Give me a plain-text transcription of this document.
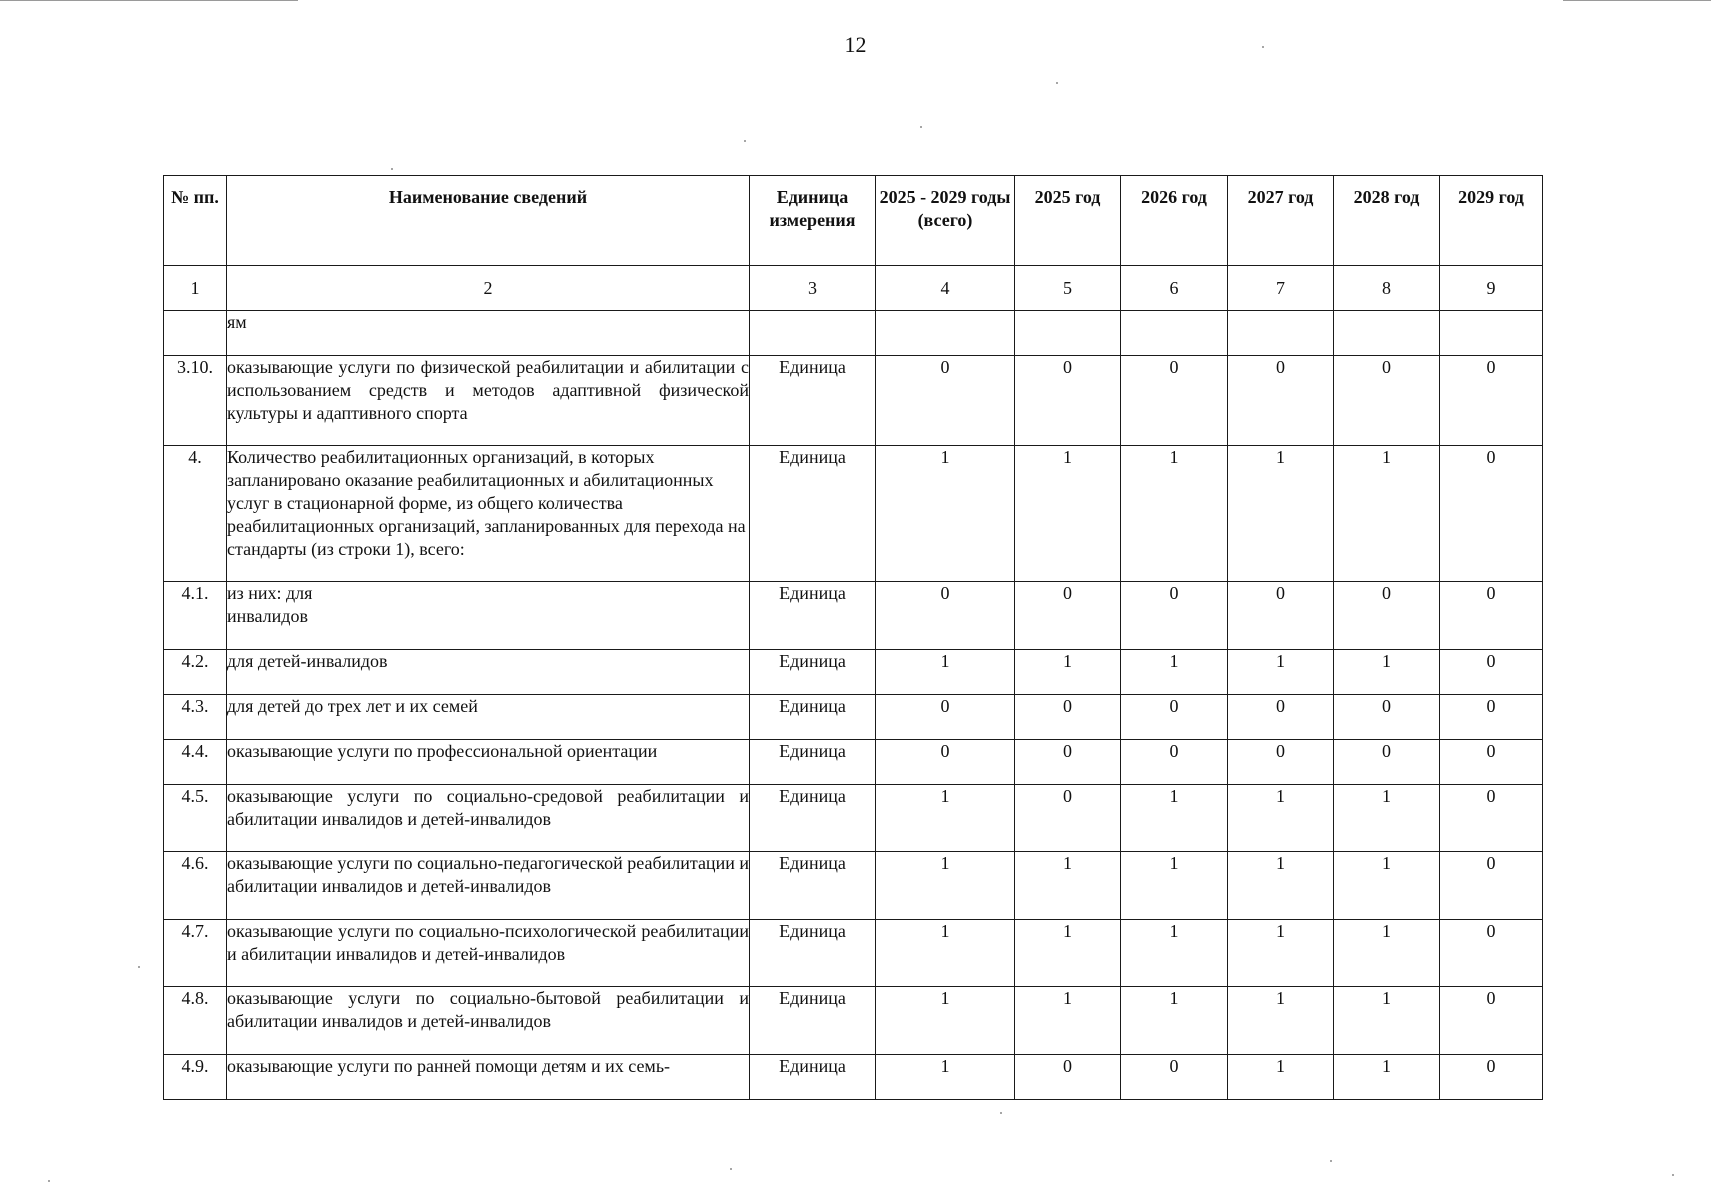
12
№ пп.	Наименование сведений	Единица измерения	2025 - 2029 годы (всего)	2025 год	2026 год	2027 год	2028 год	2029 год
1	2	3	4	5	6	7	8	9
	ям							
3.10.	оказывающие услуги по физической реабилитации и абилитации с использованием средств и методов адаптивной физической культуры и адаптивного спорта	Единица	0	0	0	0	0	0
4.	Количество реабилитационных организаций, в которых запланировано оказание реабилитационных и абилитационных услуг в стационарной форме, из общего количества реабилитационных организаций, запланированных для перехода на стандарты (из строки 1), всего:	Единица	1	1	1	1	1	0
4.1.	из них: для инвалидов	Единица	0	0	0	0	0	0
4.2.	для детей-инвалидов	Единица	1	1	1	1	1	0
4.3.	для детей до трех лет и их семей	Единица	0	0	0	0	0	0
4.4.	оказывающие услуги по профессиональной ориентации	Единица	0	0	0	0	0	0
4.5.	оказывающие услуги по социально-средовой реабилитации и абилитации инвалидов и детей-инвалидов	Единица	1	0	1	1	1	0
4.6.	оказывающие услуги по социально-педагогической реабилитации и абилитации инвалидов и детей-инвалидов	Единица	1	1	1	1	1	0
4.7.	оказывающие услуги по социально-психологической реабилитации и абилитации инвалидов и детей-инвалидов	Единица	1	1	1	1	1	0
4.8.	оказывающие услуги по социально-бытовой реабилитации и абилитации инвалидов и детей-инвалидов	Единица	1	1	1	1	1	0
4.9.	оказывающие услуги по ранней помощи детям и их семь-	Единица	1	0	0	1	1	0
